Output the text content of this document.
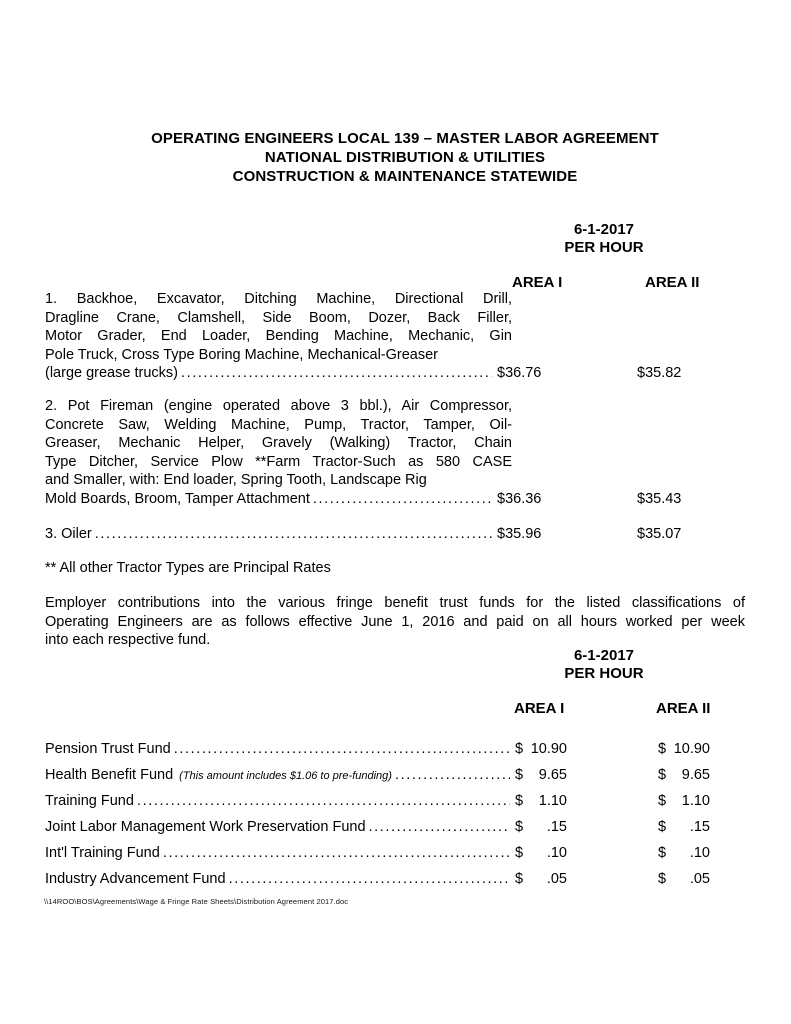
OPERATING ENGINEERS LOCAL 139 – MASTER LABOR AGREEMENT
NATIONAL DISTRIBUTION & UTILITIES
CONSTRUCTION & MAINTENANCE STATEWIDE
6-1-2017
PER HOUR
AREA I	AREA II
1. Backhoe, Excavator, Ditching Machine, Directional Drill,
Dragline Crane, Clamshell, Side Boom, Dozer, Back Filler,
Motor Grader, End Loader, Bending Machine, Mechanic, Gin
Pole Truck, Cross Type Boring Machine, Mechanical-Greaser
(large grease trucks) .....	$36.76	$35.82
2. Pot Fireman (engine operated above 3 bbl.), Air Compressor,
Concrete Saw, Welding Machine, Pump, Tractor, Tamper, Oil-
Greaser, Mechanic Helper, Gravely (Walking) Tractor, Chain
Type Ditcher, Service Plow **Farm Tractor-Such as 580 CASE
and Smaller, with: End loader, Spring Tooth, Landscape Rig
Mold Boards, Broom, Tamper Attachment .....	$36.36	$35.43
3. Oiler .....	$35.96	$35.07
** All other Tractor Types are Principal Rates
Employer contributions into the various fringe benefit trust funds for the listed classifications of
Operating Engineers are as follows effective June 1, 2016 and paid on all hours worked per week
into each respective fund.
6-1-2017
PER HOUR
AREA I	AREA II
Pension Trust Fund .....	$ 10.90	$ 10.90
Health Benefit Fund (This amount includes $1.06 to pre-funding) .....	$	9.65	$	9.65
Training Fund .....	$	1.10	$	1.10
Joint Labor Management Work Preservation Fund .....	$	.15	$	.15
Int'l Training Fund .....	$	.10	$	.10
Industry Advancement Fund .....	$	.05	$	.05
\\14ROO\BOS\Agreements\Wage & Fringe Rate Sheets\Distribution Agreement 2017.doc
